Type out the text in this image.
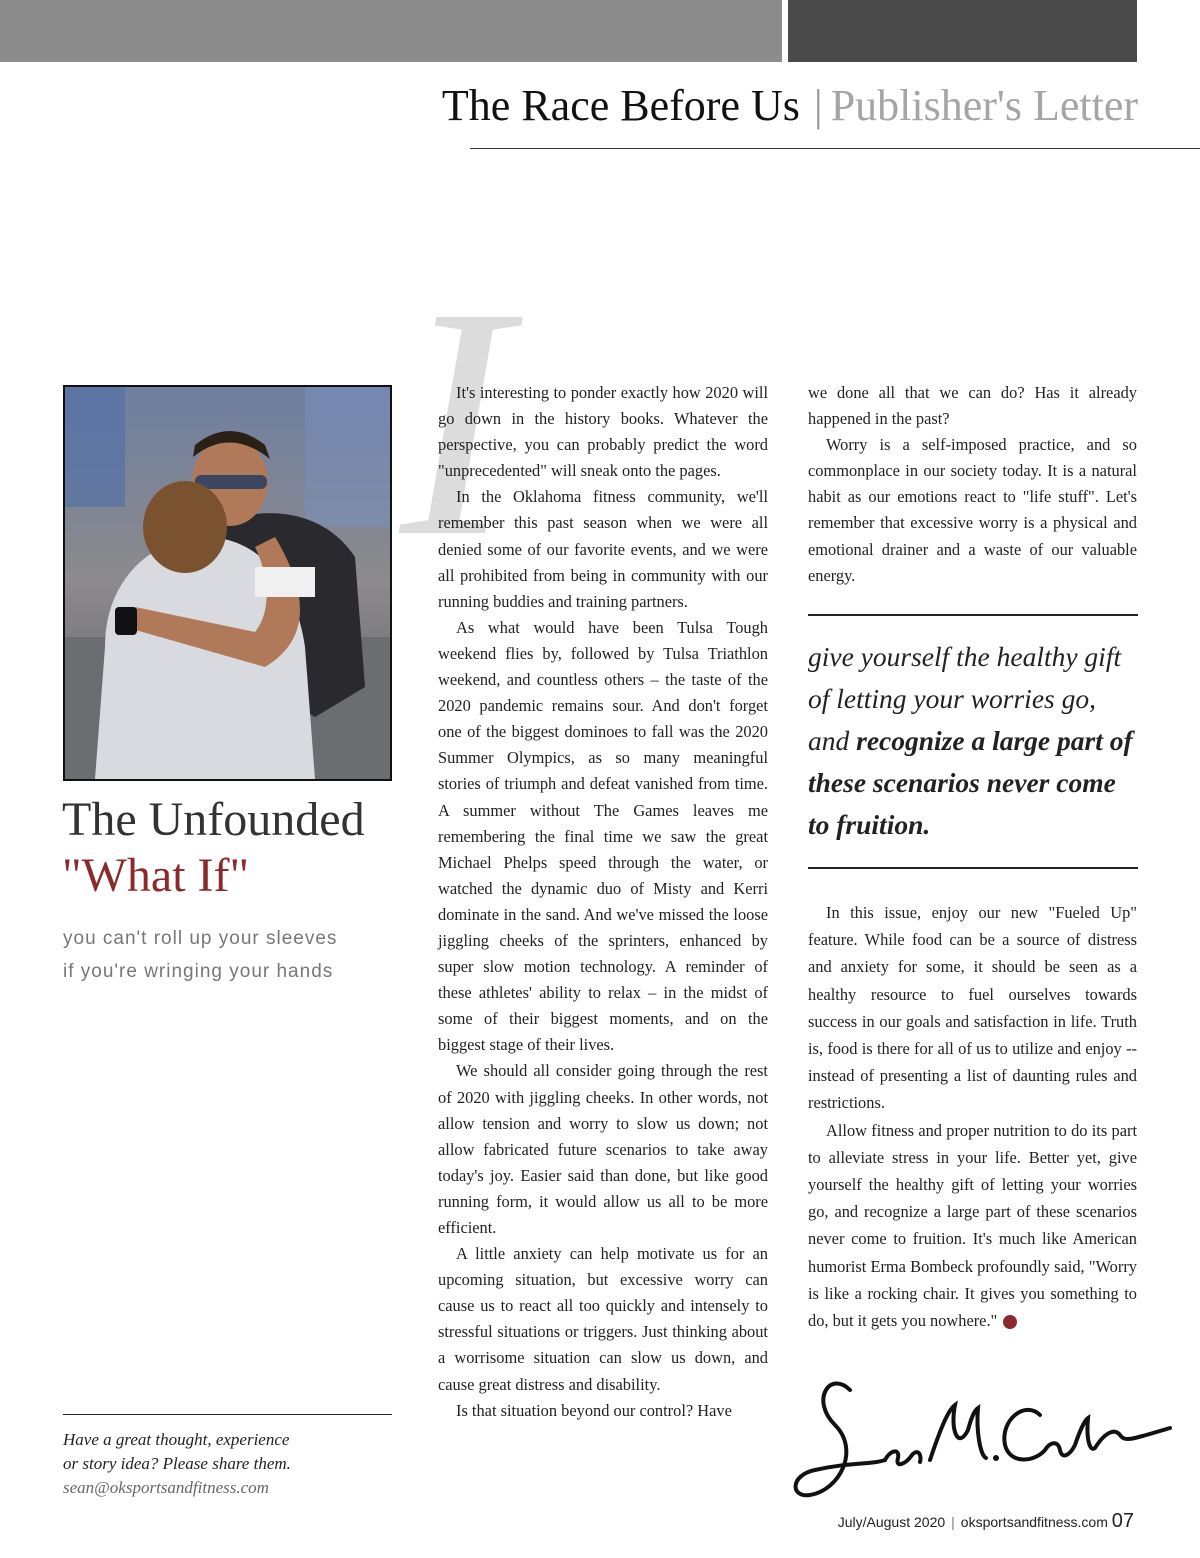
The Race Before Us | Publisher's Letter
I
The Unfounded
"What If"
you can't roll up your sleeves
if you're wringing your hands
Have a great thought, experience
or story idea? Please share them.
sean@oksportsandfitness.com

It's interesting to ponder exactly how 2020 will go down in the history books. Whatever the perspective, you can probably predict the word "unprecedented" will sneak onto the pages.

In the Oklahoma fitness community, we'll remember this past season when we were all denied some of our favorite events, and we were all prohibited from being in community with our running buddies and training partners.

As what would have been Tulsa Tough weekend flies by, followed by Tulsa Triathlon weekend, and countless others – the taste of the 2020 pandemic remains sour. And don't forget one of the biggest dominoes to fall was the 2020 Summer Olympics, as so many meaningful stories of triumph and defeat vanished from time. A summer without The Games leaves me remembering the final time we saw the great Michael Phelps speed through the water, or watched the dynamic duo of Misty and Kerri dominate in the sand. And we've missed the loose jiggling cheeks of the sprinters, enhanced by super slow motion technology. A reminder of these athletes' ability to relax – in the midst of some of their biggest moments, and on the biggest stage of their lives.

We should all consider going through the rest of 2020 with jiggling cheeks. In other words, not allow tension and worry to slow us down; not allow fabricated future scenarios to take away today's joy. Easier said than done, but like good running form, it would allow us all to be more efficient.

A little anxiety can help motivate us for an upcoming situation, but excessive worry can cause us to react all too quickly and intensely to stressful situations or triggers. Just thinking about a worrisome situation can slow us down, and cause great distress and disability.

Is that situation beyond our control? Have

we done all that we can do? Has it already happened in the past?

Worry is a self-imposed practice, and so commonplace in our society today. It is a natural habit as our emotions react to "life stuff". Let's remember that excessive worry is a physical and emotional drainer and a waste of our valuable energy.

give yourself the healthy gift of letting your worries go, and recognize a large part of these scenarios never come to fruition.

In this issue, enjoy our new "Fueled Up" feature. While food can be a source of distress and anxiety for some, it should be seen as a healthy resource to fuel ourselves towards success in our goals and satisfaction in life. Truth is, food is there for all of us to utilize and enjoy -- instead of presenting a list of daunting rules and restrictions.

Allow fitness and proper nutrition to do its part to alleviate stress in your life. Better yet, give yourself the healthy gift of letting your worries go, and recognize a large part of these scenarios never come to fruition. It's much like American humorist Erma Bombeck profoundly said, "Worry is like a rocking chair. It gives you something to do, but it gets you nowhere."

July/August 2020 | oksportsandfitness.com 07
